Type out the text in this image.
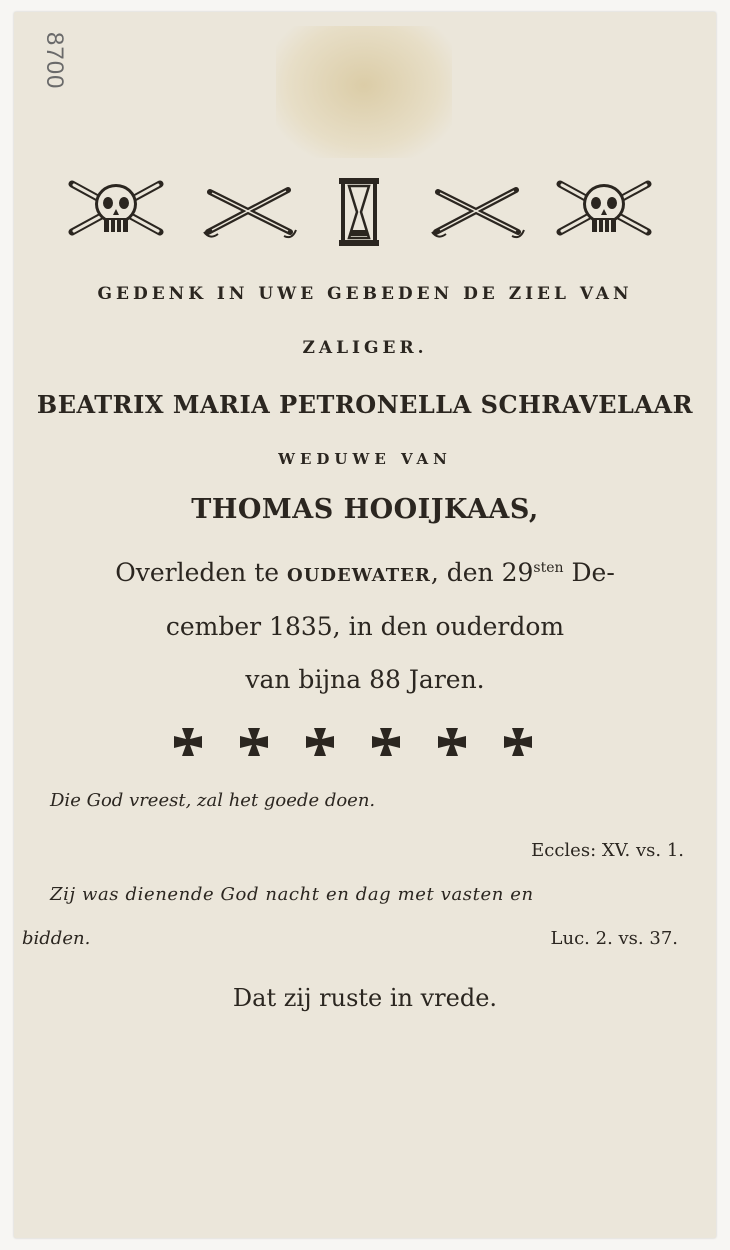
8700
GEDENK IN UWE GEBEDEN DE ZIEL VAN
ZALIGER.
BEATRIX MARIA PETRONELLA SCHRAVELAAR
WEDUWE VAN
THOMAS HOOIJKAAS,
Overleden te OUDEWATER, den $29^{sten}$ De-
cember 1835, in den ouderdom
van bijna 88 Jaren.
Die God vreest, zal het goede doen.
Eccles: XV. vs. 1.
Zij was dienende God nacht en dag met vasten en
bidden.	Luc. 2. vs. 37.
Dat zij ruste in vrede.
